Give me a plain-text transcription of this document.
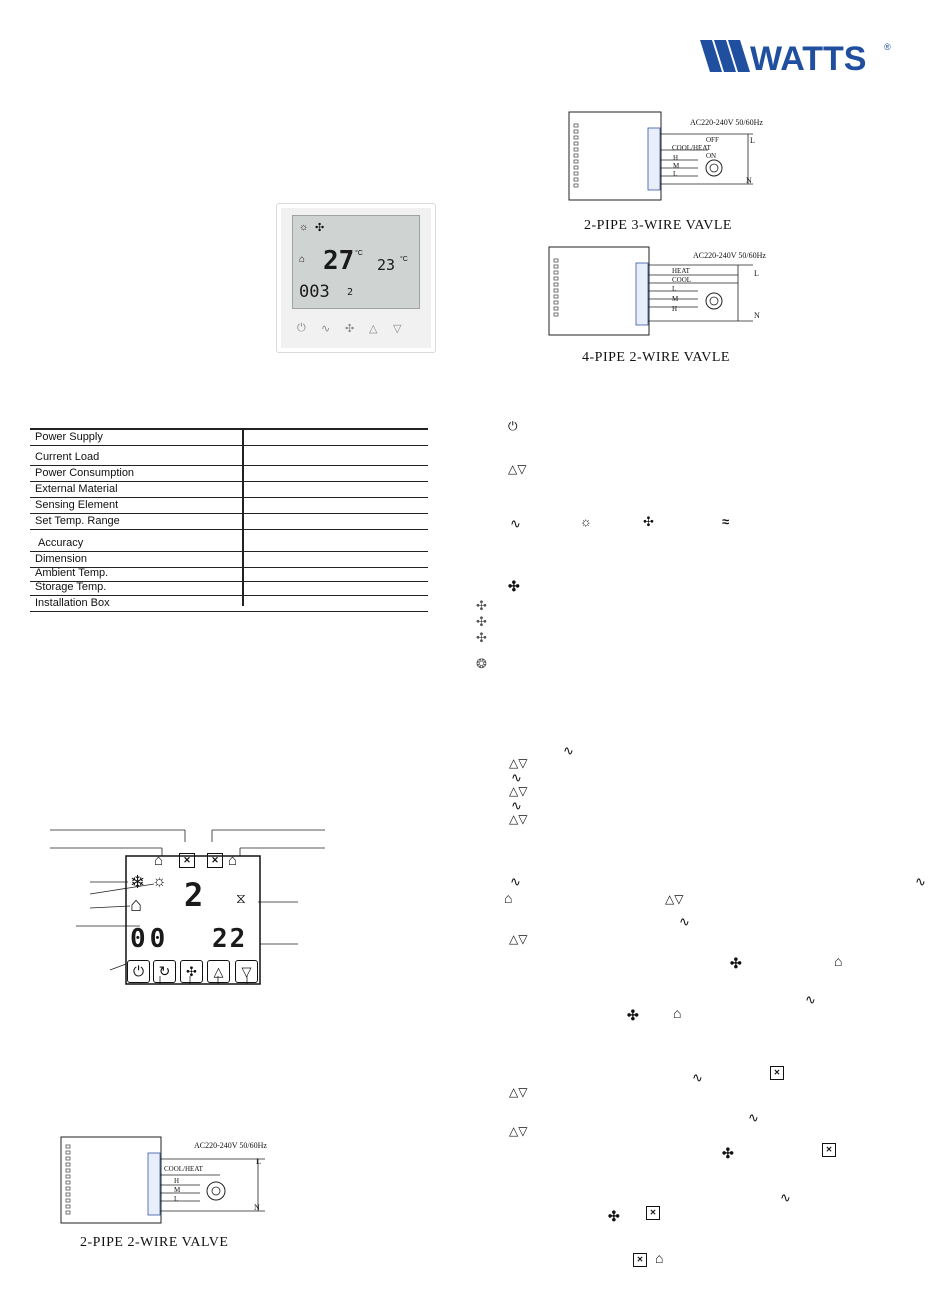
WATTS ®
☼ ✣
⌂ 27 °C
23 °C
003 2
⏻ ∿ ✣ △ ▽
Power Supply
Current Load
Power Consumption
External Material
Sensing Element
Set Temp. Range
Accuracy
Dimension
Ambient Temp.
Storage Temp.
Installation Box
AC220-240V 50/60Hz
L
N
OFF
COOL/HEAT
ON
H
M
L
2-PIPE 3-WIRE VAVLE
AC220-240V 50/60Hz
L
N
HEAT
COOL
L
M
H
4-PIPE 2-WIRE VAVLE
AC220-240V 50/60Hz
L
N
COOL/HEAT
H
M
L
2-PIPE 2-WIRE VALVE
⌂	✕	✕ ⌂
❄ ☼
⌂ 2 ⧖
00 22
⏻	↻	✣	△	▽
⏻
△▽
∿	☼	✣	≈
✣
✣
✣
✣
❂
∿
△▽
∿
△▽
∿
△▽
∿	∿
⌂	△▽
∿
△▽
✣	⌂
∿
✣ ⌂
∿	✕
△▽
∿
△▽
✣	✕
∿
✣	✕
✕ ⌂
